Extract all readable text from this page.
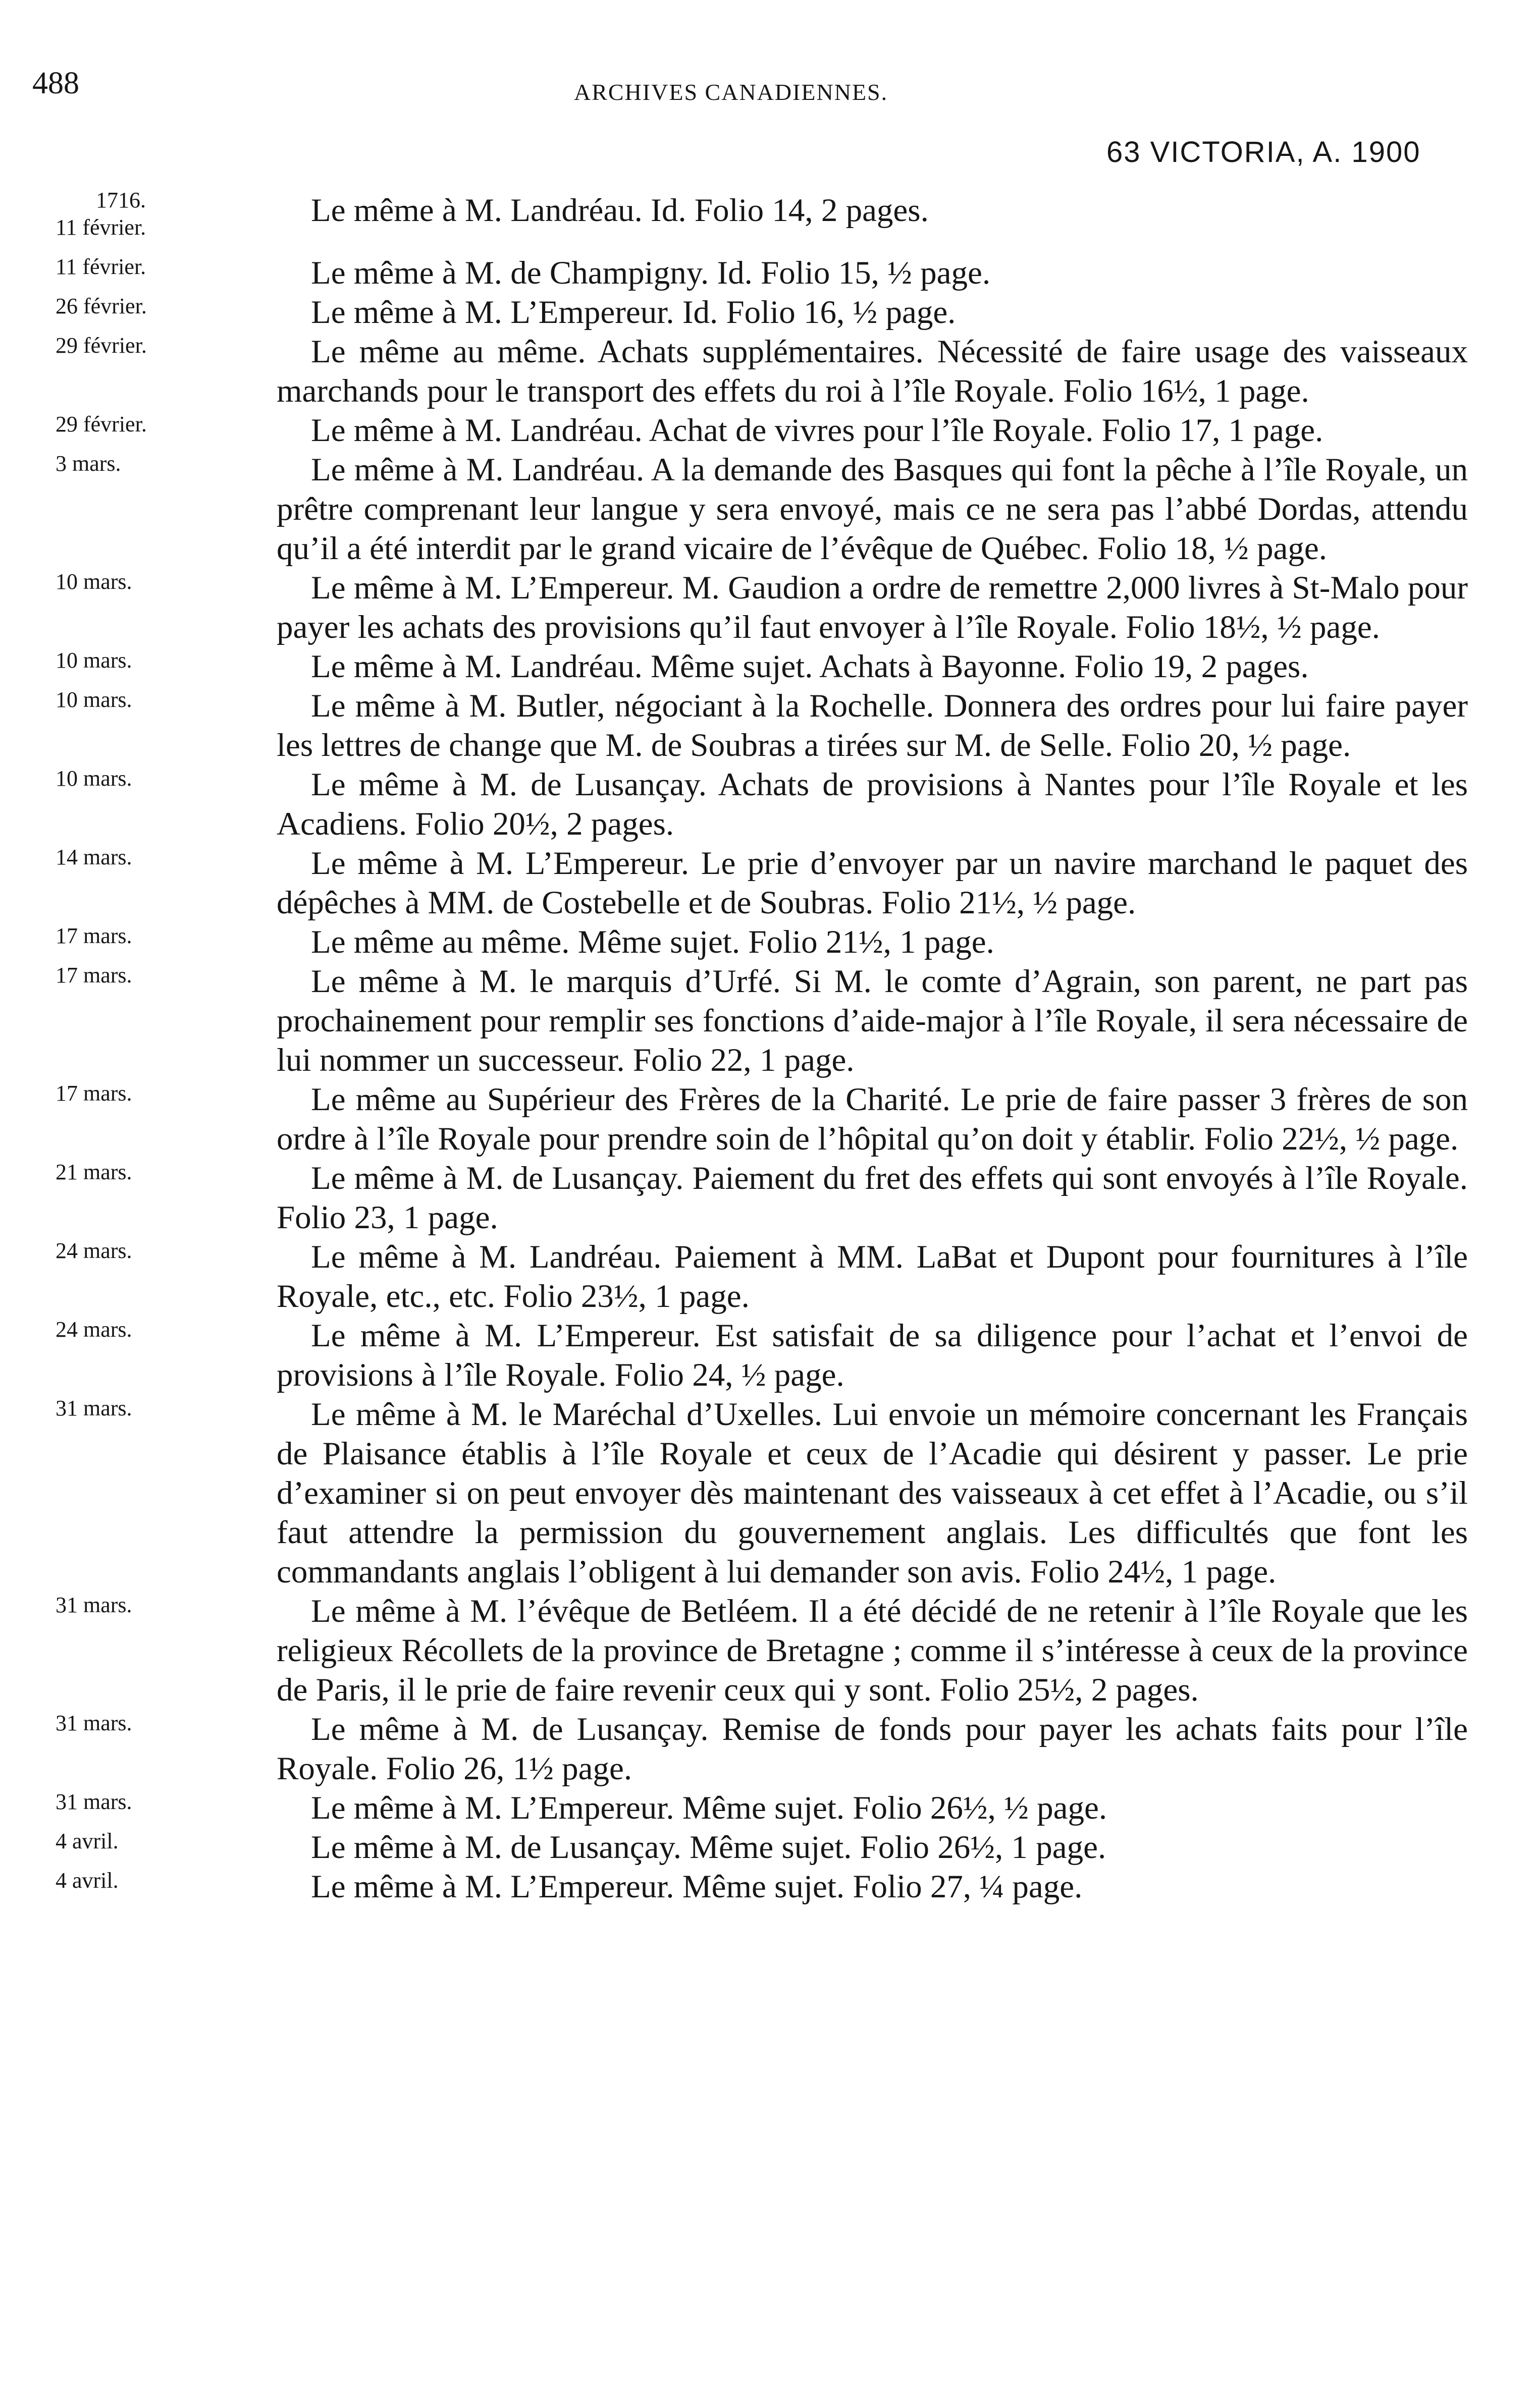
488	ARCHIVES CANADIENNES.
63 VICTORIA, A. 1900
1716.
11 février.	Le même à M. Landréau. Id. Folio 14, 2 pages.
11 février.	Le même à M. de Champigny. Id. Folio 15, ½ page.
26 février.	Le même à M. L’Empereur. Id. Folio 16, ½ page.
29 février.	Le même au même. Achats supplémentaires. Nécessité de faire usage des vaisseaux marchands pour le transport des effets du roi à l’île Royale. Folio 16½, 1 page.
29 février.	Le même à M. Landréau. Achat de vivres pour l’île Royale. Folio 17, 1 page.
3 mars.	Le même à M. Landréau. A la demande des Basques qui font la pêche à l’île Royale, un prêtre comprenant leur langue y sera envoyé, mais ce ne sera pas l’abbé Dordas, attendu qu’il a été interdit par le grand vicaire de l’évêque de Québec. Folio 18, ½ page.
10 mars.	Le même à M. L’Empereur. M. Gaudion a ordre de remettre 2,000 livres à St-Malo pour payer les achats des provisions qu’il faut envoyer à l’île Royale. Folio 18½, ½ page.
10 mars.	Le même à M. Landréau. Même sujet. Achats à Bayonne. Folio 19, 2 pages.
10 mars.	Le même à M. Butler, négociant à la Rochelle. Donnera des ordres pour lui faire payer les lettres de change que M. de Soubras a tirées sur M. de Selle. Folio 20, ½ page.
10 mars.	Le même à M. de Lusançay. Achats de provisions à Nantes pour l’île Royale et les Acadiens. Folio 20½, 2 pages.
14 mars.	Le même à M. L’Empereur. Le prie d’envoyer par un navire marchand le paquet des dépêches à MM. de Costebelle et de Soubras. Folio 21½, ½ page.
17 mars.	Le même au même. Même sujet. Folio 21½, 1 page.
17 mars.	Le même à M. le marquis d’Urfé. Si M. le comte d’Agrain, son parent, ne part pas prochainement pour remplir ses fonctions d’aide-major à l’île Royale, il sera nécessaire de lui nommer un successeur. Folio 22, 1 page.
17 mars.	Le même au Supérieur des Frères de la Charité. Le prie de faire passer 3 frères de son ordre à l’île Royale pour prendre soin de l’hôpital qu’on doit y établir. Folio 22½, ½ page.
21 mars.	Le même à M. de Lusançay. Paiement du fret des effets qui sont envoyés à l’île Royale. Folio 23, 1 page.
24 mars.	Le même à M. Landréau. Paiement à MM. LaBat et Dupont pour fournitures à l’île Royale, etc., etc. Folio 23½, 1 page.
24 mars.	Le même à M. L’Empereur. Est satisfait de sa diligence pour l’achat et l’envoi de provisions à l’île Royale. Folio 24, ½ page.
31 mars.	Le même à M. le Maréchal d’Uxelles. Lui envoie un mémoire concernant les Français de Plaisance établis à l’île Royale et ceux de l’Acadie qui désirent y passer. Le prie d’examiner si on peut envoyer dès maintenant des vaisseaux à cet effet à l’Acadie, ou s’il faut attendre la permission du gouvernement anglais. Les difficultés que font les commandants anglais l’obligent à lui demander son avis. Folio 24½, 1 page.
31 mars.	Le même à M. l’évêque de Betléem. Il a été décidé de ne retenir à l’île Royale que les religieux Récollets de la province de Bretagne ; comme il s’intéresse à ceux de la province de Paris, il le prie de faire revenir ceux qui y sont. Folio 25½, 2 pages.
31 mars.	Le même à M. de Lusançay. Remise de fonds pour payer les achats faits pour l’île Royale. Folio 26, 1½ page.
31 mars.	Le même à M. L’Empereur. Même sujet. Folio 26½, ½ page.
4 avril.	Le même à M. de Lusançay. Même sujet. Folio 26½, 1 page.
4 avril.	Le même à M. L’Empereur. Même sujet. Folio 27, ¼ page.
